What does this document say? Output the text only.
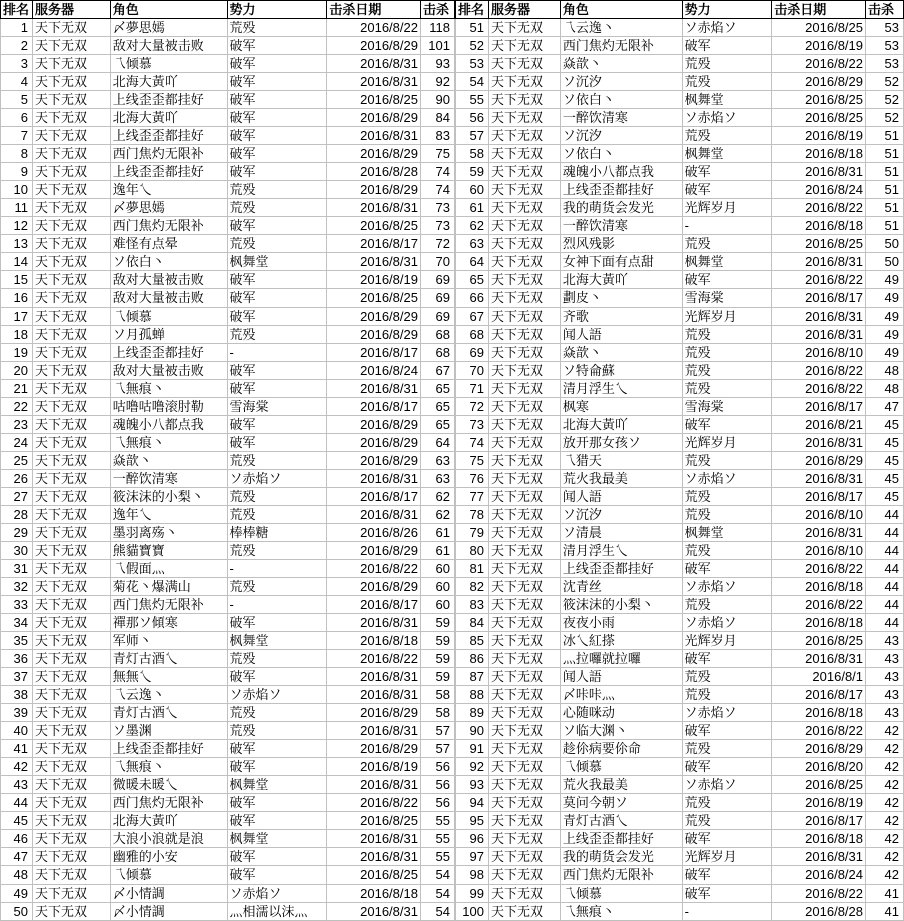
排名	服务器	角色	势力	击杀日期	击杀
1	天下无双	〆夢思嫣	荒殁	2016/8/22	118
2	天下无双	敌对大量被击败	破军	2016/8/29	101
3	天下无双	乁倾慕	破军	2016/8/31	93
4	天下无双	北海大黃吖	破军	2016/8/31	92
5	天下无双	上线歪歪都挂好	破军	2016/8/25	90
6	天下无双	北海大黃吖	破军	2016/8/29	84
7	天下无双	上线歪歪都挂好	破军	2016/8/31	83
8	天下无双	西门焦灼无限补	破军	2016/8/29	75
9	天下无双	上线歪歪都挂好	破军	2016/8/28	74
10	天下无双	逸年乀	荒殁	2016/8/29	74
11	天下无双	〆夢思嫣	荒殁	2016/8/31	73
12	天下无双	西门焦灼无限补	破军	2016/8/25	73
13	天下无双	难怪有点晕	荒殁	2016/8/17	72
14	天下无双	ソ依白丶	枫舞堂	2016/8/31	70
15	天下无双	敌对大量被击败	破军	2016/8/19	69
16	天下无双	敌对大量被击败	破军	2016/8/25	69
17	天下无双	乁倾慕	破军	2016/8/29	69
18	天下无双	ソ月孤蝉	荒殁	2016/8/29	68
19	天下无双	上线歪歪都挂好	-	2016/8/17	68
20	天下无双	敌对大量被击败	破军	2016/8/24	67
21	天下无双	乁無痕丶	破军	2016/8/31	65
22	天下无双	咕噜咕噜滚肘勒	雪海棠	2016/8/17	65
23	天下无双	魂魄小八都点我	破军	2016/8/29	65
24	天下无双	乁無痕丶	破军	2016/8/29	64
25	天下无双	焱歆丶	荒殁	2016/8/29	63
26	天下无双	一醉饮清寒	ソ赤焰ソ	2016/8/31	63
27	天下无双	筱沫沫的小梨丶	荒殁	2016/8/17	62
28	天下无双	逸年乀	荒殁	2016/8/31	62
29	天下无双	墨羽离殇丶	棒棒糖	2016/8/26	61
30	天下无双	熊貓寶寶	荒殁	2016/8/29	61
31	天下无双	乁假面灬	-	2016/8/22	60
32	天下无双	菊花丶爆满山	荒殁	2016/8/29	60
33	天下无双	西门焦灼无限补	-	2016/8/17	60
34	天下无双	禪那ソ傾寒	破军	2016/8/31	59
35	天下无双	军师丶	枫舞堂	2016/8/18	59
36	天下无双	青灯古酒乀	荒殁	2016/8/22	59
37	天下无双	無無乀	破军	2016/8/31	59
38	天下无双	乁云逸丶	ソ赤焰ソ	2016/8/31	58
39	天下无双	青灯古酒乀	荒殁	2016/8/29	58
40	天下无双	ソ墨渊	荒殁	2016/8/31	57
41	天下无双	上线歪歪都挂好	破军	2016/8/29	57
42	天下无双	乁無痕丶	破军	2016/8/19	56
43	天下无双	微暖未暖乀	枫舞堂	2016/8/31	56
44	天下无双	西门焦灼无限补	破军	2016/8/22	56
45	天下无双	北海大黃吖	破军	2016/8/25	55
46	天下无双	大浪小浪就是浪	枫舞堂	2016/8/31	55
47	天下无双	幽雅的小安	破军	2016/8/31	55
48	天下无双	乁倾慕	破军	2016/8/25	54
49	天下无双	〆小情調	ソ赤焰ソ	2016/8/18	54
50	天下无双	〆小情調	灬相濡以沫灬	2016/8/31	54
排名	服务器	角色	势力	击杀日期	击杀
51	天下无双	乁云逸丶	ソ赤焰ソ	2016/8/25	53
52	天下无双	西门焦灼无限补	破军	2016/8/19	53
53	天下无双	焱歆丶	荒殁	2016/8/22	53
54	天下无双	ソ沉汐	荒殁	2016/8/29	52
55	天下无双	ソ依白丶	枫舞堂	2016/8/25	52
56	天下无双	一醉饮清寒	ソ赤焰ソ	2016/8/25	52
57	天下无双	ソ沉汐	荒殁	2016/8/19	51
58	天下无双	ソ依白丶	枫舞堂	2016/8/18	51
59	天下无双	魂魄小八都点我	破军	2016/8/31	51
60	天下无双	上线歪歪都挂好	破军	2016/8/24	51
61	天下无双	我的萌货会发光	光辉岁月	2016/8/22	51
62	天下无双	一醉饮清寒	-	2016/8/18	51
63	天下无双	烈风残影	荒殁	2016/8/25	50
64	天下无双	女神下面有点甜	枫舞堂	2016/8/31	50
65	天下无双	北海大黃吖	破军	2016/8/22	49
66	天下无双	劃皮丶	雪海棠	2016/8/17	49
67	天下无双	齐歌	光辉岁月	2016/8/31	49
68	天下无双	闻人語	荒殁	2016/8/31	49
69	天下无双	焱歆丶	荒殁	2016/8/10	49
70	天下无双	ソ特侖蘇	荒殁	2016/8/22	48
71	天下无双	清月浮生乀	荒殁	2016/8/22	48
72	天下无双	枫寒	雪海棠	2016/8/17	47
73	天下无双	北海大黃吖	破军	2016/8/21	45
74	天下无双	放开那女孩ソ	光辉岁月	2016/8/31	45
75	天下无双	乁猎天	荒殁	2016/8/29	45
76	天下无双	荒火我最美	ソ赤焰ソ	2016/8/31	45
77	天下无双	闻人語	荒殁	2016/8/17	45
78	天下无双	ソ沉汐	荒殁	2016/8/10	44
79	天下无双	ソ清晨	枫舞堂	2016/8/31	44
80	天下无双	清月浮生乀	荒殁	2016/8/10	44
81	天下无双	上线歪歪都挂好	破军	2016/8/22	44
82	天下无双	沈青丝	ソ赤焰ソ	2016/8/18	44
83	天下无双	筱沫沫的小梨丶	荒殁	2016/8/22	44
84	天下无双	夜夜小雨	ソ赤焰ソ	2016/8/18	44
85	天下无双	冰乀紅搽	光辉岁月	2016/8/25	43
86	天下无双	灬拉囉就拉囉	破军	2016/8/31	43
87	天下无双	闻人語	荒殁	2016/8/1	43
88	天下无双	〆咔咔灬	荒殁	2016/8/17	43
89	天下无双	心随咪动	ソ赤焰ソ	2016/8/18	43
90	天下无双	ソ临大渊丶	破军	2016/8/22	42
91	天下无双	趁伱病要伱命	荒殁	2016/8/29	42
92	天下无双	乁倾慕	破军	2016/8/20	42
93	天下无双	荒火我最美	ソ赤焰ソ	2016/8/25	42
94	天下无双	莫问今朝ソ	荒殁	2016/8/19	42
95	天下无双	青灯古酒乀	荒殁	2016/8/17	42
96	天下无双	上线歪歪都挂好	破军	2016/8/18	42
97	天下无双	我的萌货会发光	光辉岁月	2016/8/31	42
98	天下无双	西门焦灼无限补	破军	2016/8/24	42
99	天下无双	乁倾慕	破军	2016/8/22	41
100	天下无双	乁無痕丶	-	2016/8/28	41
